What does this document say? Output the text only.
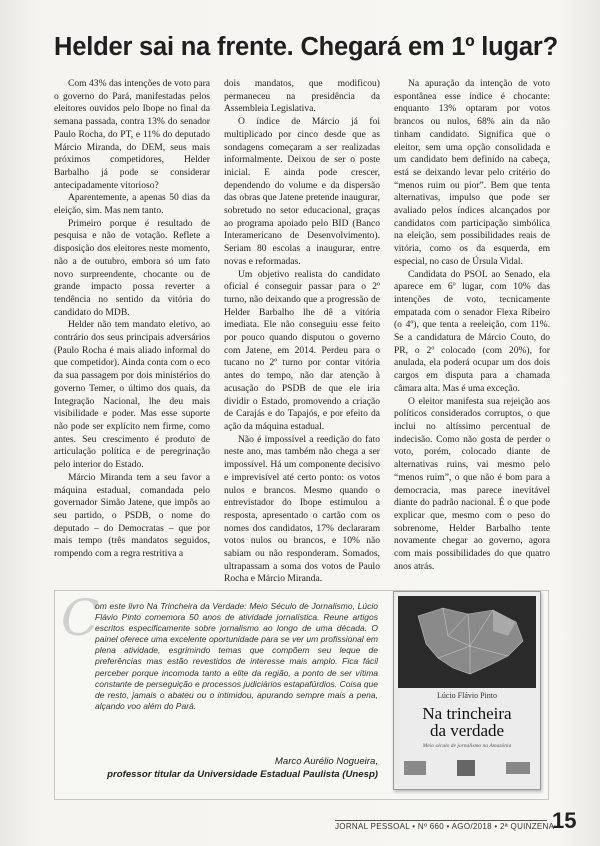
Helder sai na frente. Chegará em 1º lugar?

Com 43% das intenções de voto para o governo do Pará, manifestadas pelos eleitores ouvidos pelo Ibope no final da semana passada, contra 13% do senador Paulo Rocha, do PT, e 11% do deputado Márcio Miranda, do DEM, seus mais próximos competidores, Helder Barbalho já pode se considerar antecipadamente vitorioso?

Aparentemente, a apenas 50 dias da eleição, sim. Mas nem tanto.

Primeiro porque é resultado de pesquisa e não de votação. Reflete a disposição dos eleitores neste momento, não a de outubro, embora só um fato novo surpreendente, chocante ou de grande impacto possa reverter a tendência no sentido da vitória do candidato do MDB.

Helder não tem mandato eletivo, ao contrário dos seus principais adversários (Paulo Rocha é mais aliado informal do que competidor). Ainda conta com o eco da sua passagem por dois ministérios do governo Temer, o último dos quais, da Integração Nacional, lhe deu mais visibilidade e poder. Mas esse suporte não pode ser explícito nem firme, como antes. Seu crescimento é produto de articulação política e de peregrinação pelo interior do Estado.

Márcio Miranda tem a seu favor a máquina estadual, comandada pelo governador Simão Jatene, que impôs ao seu partido, o PSDB, o nome do deputado – do Democratas – que por mais tempo (três mandatos seguidos, rompendo com a regra restritiva a

dois mandatos, que modificou) permaneceu na presidência da Assembleia Legislativa.

O índice de Márcio já foi multiplicado por cinco desde que as sondagens começaram a ser realizadas informalmente. Deixou de ser o poste inicial. E ainda pode crescer, dependendo do volume e da dispersão das obras que Jatene pretende inaugurar, sobretudo no setor educacional, graças ao programa apoiado pelo BID (Banco Interamericano de Desenvolvimento). Seriam 80 escolas a inaugurar, entre novas e reformadas.

Um objetivo realista do candidato oficial é conseguir passar para o 2º turno, não deixando que a progressão de Helder Barbalho lhe dê a vitória imediata. Ele não conseguiu esse feito por pouco quando disputou o governo com Jatene, em 2014. Perdeu para o tucano no 2º turno por contar vitória antes do tempo, não dar atenção à acusação do PSDB de que ele iria dividir o Estado, promovendo a criação de Carajás e do Tapajós, e por efeito da ação da máquina estadual.

Não é impossível a reedição do fato neste ano, mas também não chega a ser impossível. Há um componente decisivo e imprevisível até certo ponto: os votos nulos e brancos. Mesmo quando o entrevistador do Ibope estimulou a resposta, apresentado o cartão com os nomes dos candidatos, 17% declararam votos nulos ou brancos, e 10% não sabiam ou não responderam. Somados, ultrapassam a soma dos votos de Paulo Rocha e Márcio Miranda.

Na apuração da intenção de voto espontânea esse índice é chocante: enquanto 13% optaram por votos brancos ou nulos, 68% ain da não tinham candidato. Significa que o eleitor, sem uma opção consolidada e um candidato bem definido na cabeça, está se deixando levar pelo critério do “menos ruim ou pior”. Bem que tenta alternativas, impulso que pode ser avaliado pelos índices alcançados por candidatos com participação simbólica na eleição, sem possibilidades reais de vitória, como os da esquerda, em especial, no caso de Úrsula Vidal.

Candidata do PSOL ao Senado, ela aparece em 6º lugar, com 10% das intenções de voto, tecnicamente empatada com o senador Flexa Ribeiro (o 4º), que tenta a reeleição, com 11%. Se a candidatura de Márcio Couto, do PR, o 2º colocado (com 20%), for anulada, ela poderá ocupar um dos dois cargos em disputa para a chamada câmara alta. Mas é uma exceção.

O eleitor manifesta sua rejeição aos políticos considerados corruptos, o que inclui no altíssimo percentual de indecisão. Como não gosta de perder o voto, porém, colocado diante de alternativas ruins, vai mesmo pelo “menos ruim”, o que não é bom para a democracia, mas parece inevitável diante do padrão nacional. É o que pode explicar que, mesmo com o peso do sobrenome, Helder Barbalho tente novamente chegar ao governo, agora com mais possibilidades do que quatro anos atrás.

C
om este livro Na Trincheira da Verdade: Meio Século de Jornalismo, Lúcio Flávio Pinto comemora 50 anos de atividade jornalística. Reune artigos escritos especificamente sobre jornalismo ao longo de uma década. O painel oferece uma excelente oportunidade para se ver um profissional em plena atividade, esgrimindo temas que compõem seu leque de preferências mas estão revestidos de interesse mais amplo. Fica fácil perceber porque incomoda tanto a elite da região, a ponto de ser vítima constante de perseguição e processos judiciários estapafúrdios. Coisa que de resto, jamais o abateu ou o intimidou, apurando sempre mais a pena, alçando voo além do Pará.
Marco Aurélio Nogueira,
professor titular da Universidade Estadual Paulista (Unesp)
Lúcio Flávio Pinto
Na trincheira
da verdade
Meio século de jornalismo na Amazônia
JORNAL PESSOAL • Nº 660 • AGO/2018 • 2ª QUINZENA
15
